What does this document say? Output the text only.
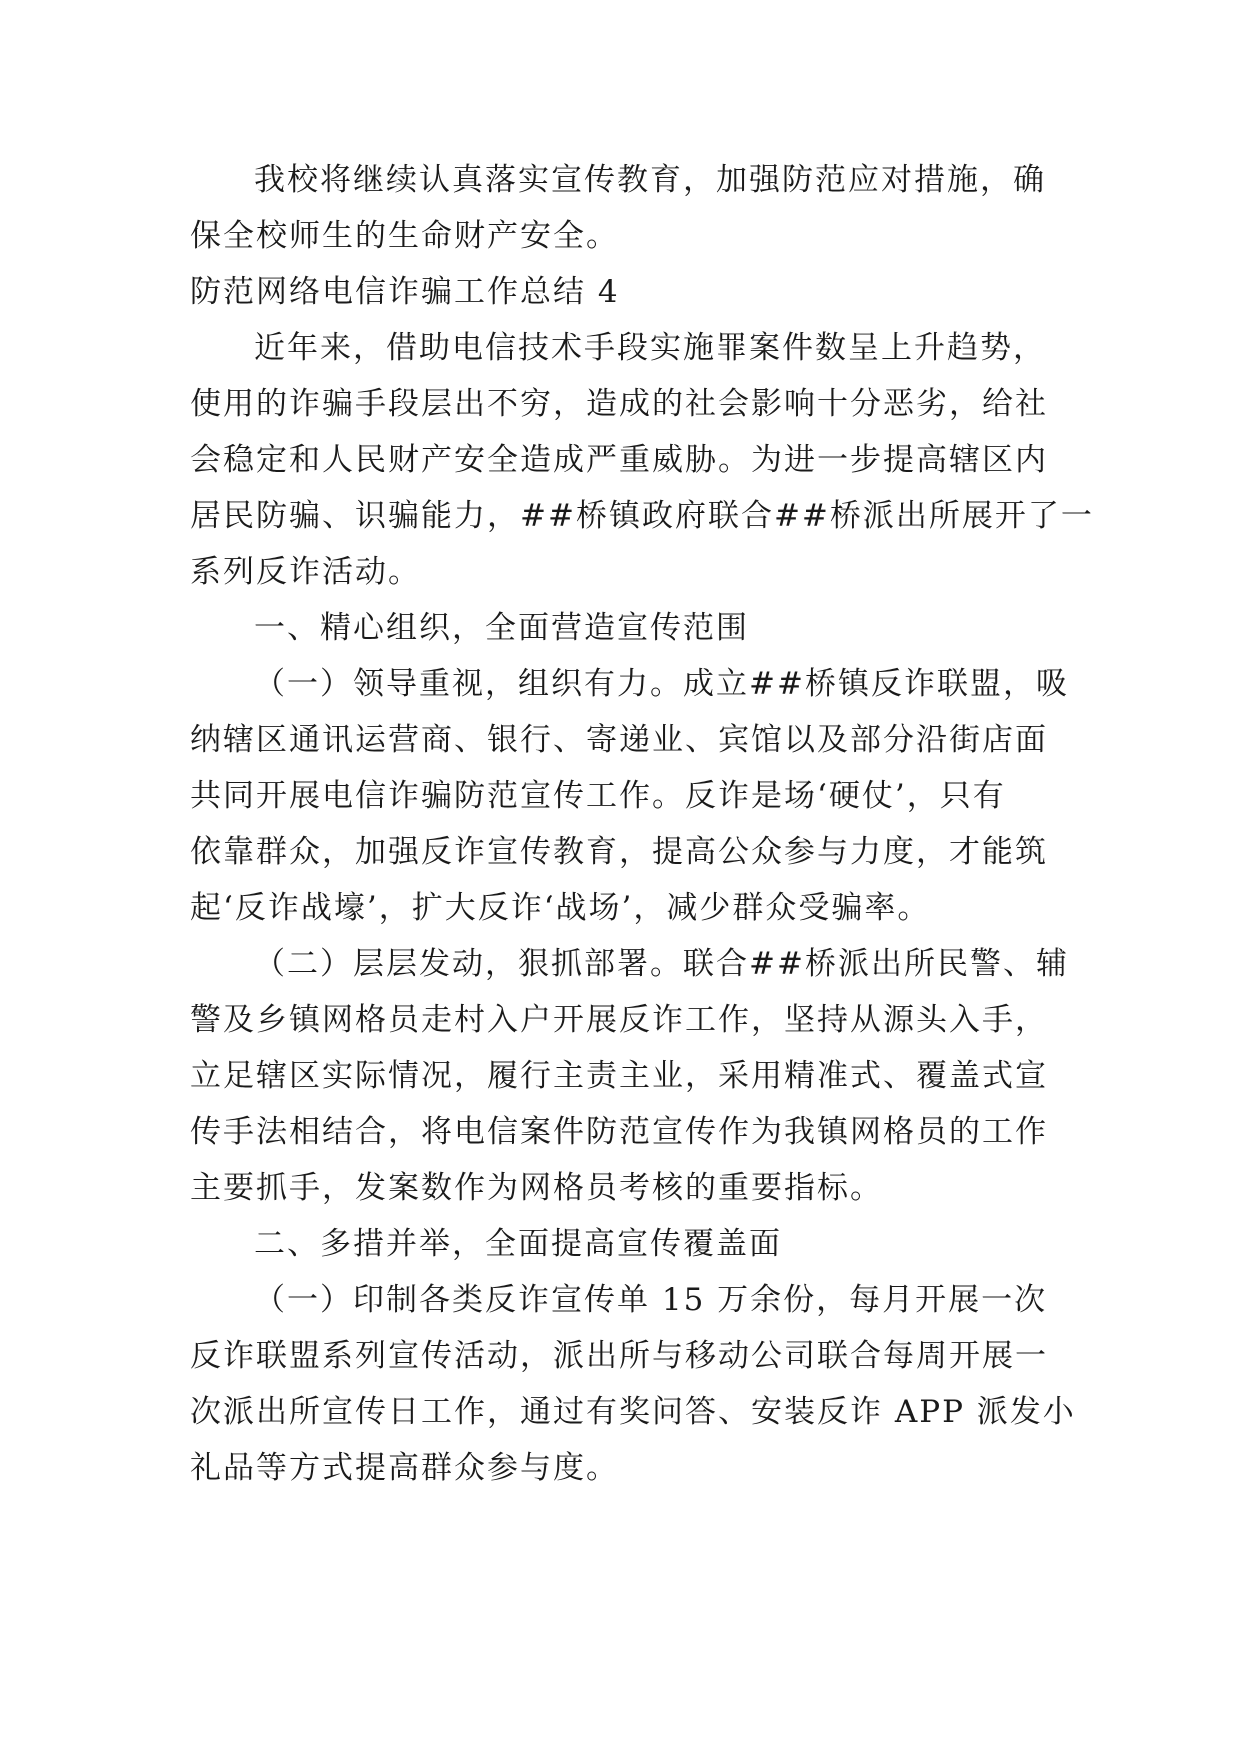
我校将继续认真落实宣传教育，加强防范应对措施，确
保全校师生的生命财产安全。
防范网络电信诈骗工作总结 4
近年来，借助电信技术手段实施罪案件数呈上升趋势，
使用的诈骗手段层出不穷，造成的社会影响十分恶劣，给社
会稳定和人民财产安全造成严重威胁。为进一步提高辖区内
居民防骗、识骗能力，##桥镇政府联合##桥派出所展开了一
系列反诈活动。
一、精心组织，全面营造宣传范围
（一）领导重视，组织有力。成立##桥镇反诈联盟，吸
纳辖区通讯运营商、银行、寄递业、宾馆以及部分沿街店面
共同开展电信诈骗防范宣传工作。反诈是场‘硬仗’，只有
依靠群众，加强反诈宣传教育，提高公众参与力度，才能筑
起‘反诈战壕’，扩大反诈‘战场’，减少群众受骗率。
（二）层层发动，狠抓部署。联合##桥派出所民警、辅
警及乡镇网格员走村入户开展反诈工作，坚持从源头入手，
立足辖区实际情况，履行主责主业，采用精准式、覆盖式宣
传手法相结合，将电信案件防范宣传作为我镇网格员的工作
主要抓手，发案数作为网格员考核的重要指标。
二、多措并举，全面提高宣传覆盖面
（一）印制各类反诈宣传单 15 万余份，每月开展一次
反诈联盟系列宣传活动，派出所与移动公司联合每周开展一
次派出所宣传日工作，通过有奖问答、安装反诈 APP 派发小
礼品等方式提高群众参与度。
